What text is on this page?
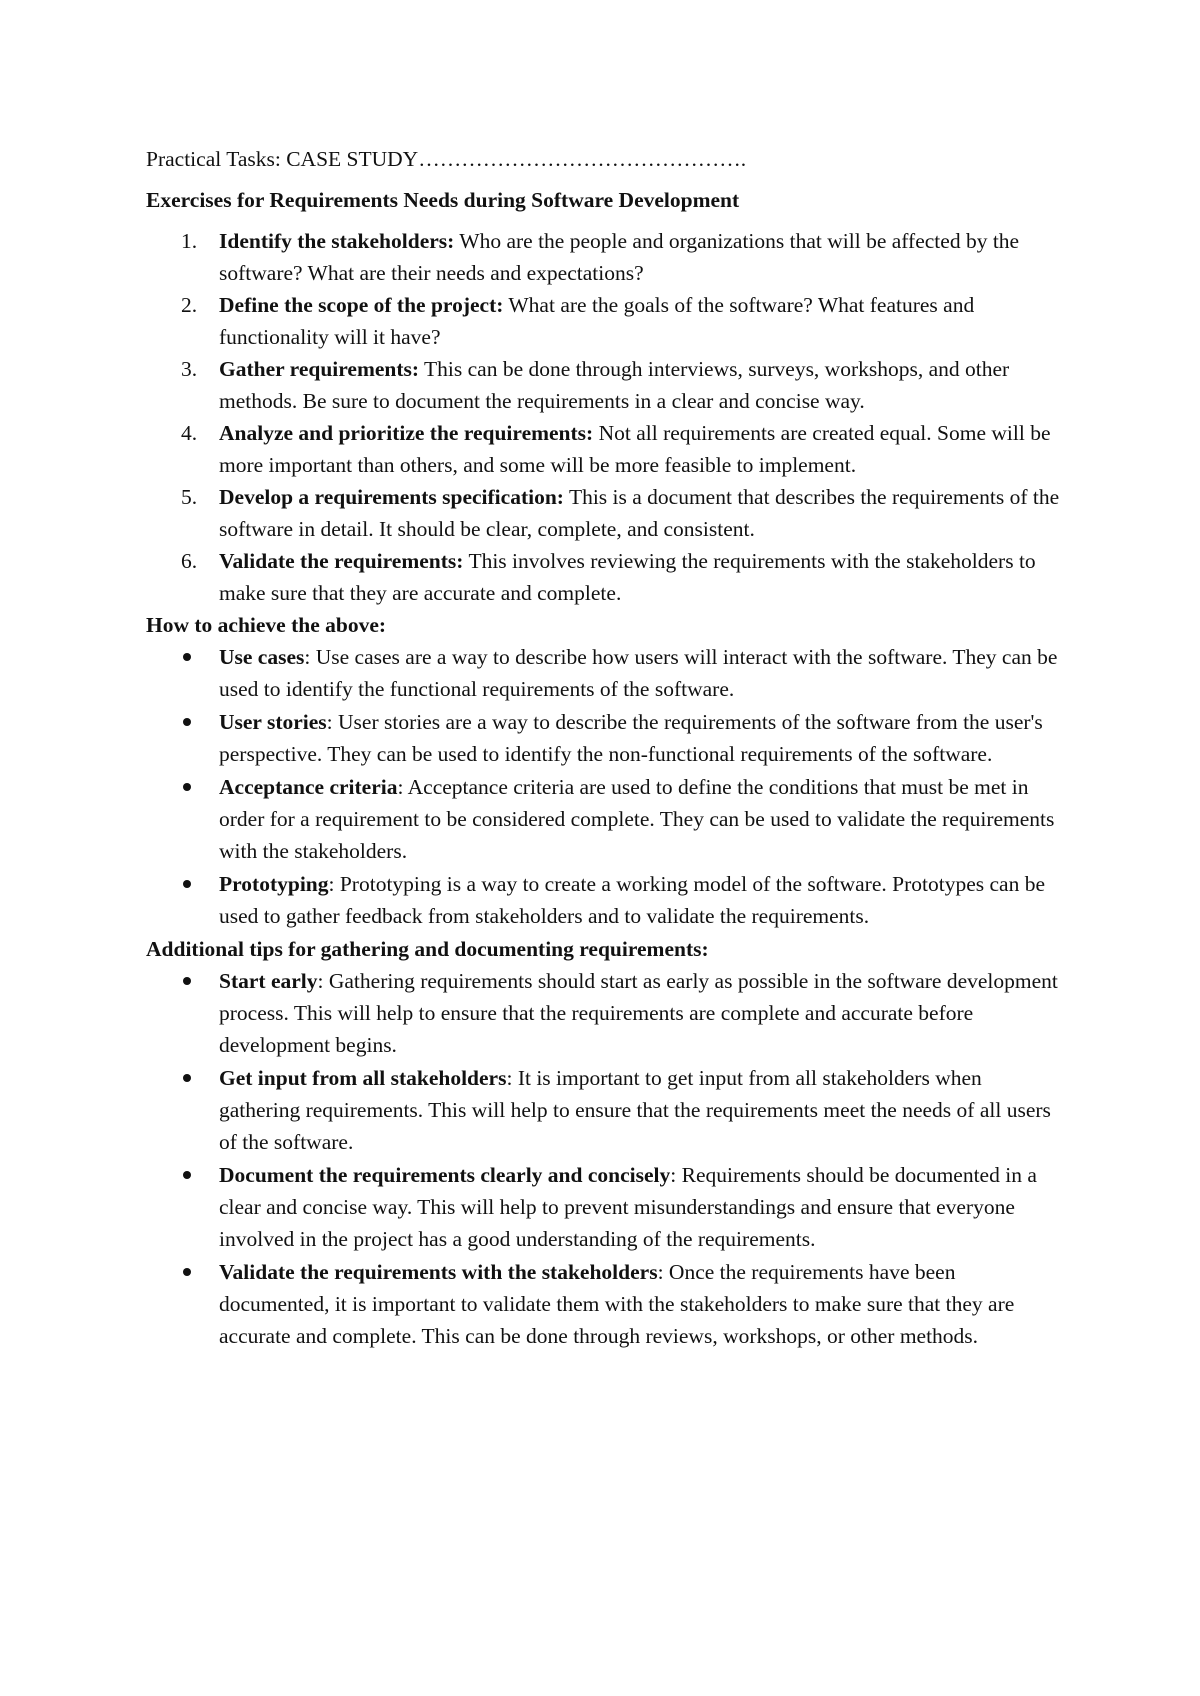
Practical Tasks: CASE STUDY……………………………………….

Exercises for Requirements Needs during Software Development

1. Identify the stakeholders: Who are the people and organizations that will be affected by the software? What are their needs and expectations?
2. Define the scope of the project: What are the goals of the software? What features and functionality will it have?
3. Gather requirements: This can be done through interviews, surveys, workshops, and other methods. Be sure to document the requirements in a clear and concise way.
4. Analyze and prioritize the requirements: Not all requirements are created equal. Some will be more important than others, and some will be more feasible to implement.
5. Develop a requirements specification: This is a document that describes the requirements of the software in detail. It should be clear, complete, and consistent.
6. Validate the requirements: This involves reviewing the requirements with the stakeholders to make sure that they are accurate and complete.

How to achieve the above:

Use cases: Use cases are a way to describe how users will interact with the software. They can be used to identify the functional requirements of the software.
User stories: User stories are a way to describe the requirements of the software from the user's perspective. They can be used to identify the non-functional requirements of the software.
Acceptance criteria: Acceptance criteria are used to define the conditions that must be met in order for a requirement to be considered complete. They can be used to validate the requirements with the stakeholders.
Prototyping: Prototyping is a way to create a working model of the software. Prototypes can be used to gather feedback from stakeholders and to validate the requirements.

Additional tips for gathering and documenting requirements:

Start early: Gathering requirements should start as early as possible in the software development process. This will help to ensure that the requirements are complete and accurate before development begins.
Get input from all stakeholders: It is important to get input from all stakeholders when gathering requirements. This will help to ensure that the requirements meet the needs of all users of the software.
Document the requirements clearly and concisely: Requirements should be documented in a clear and concise way. This will help to prevent misunderstandings and ensure that everyone involved in the project has a good understanding of the requirements.
Validate the requirements with the stakeholders: Once the requirements have been documented, it is important to validate them with the stakeholders to make sure that they are accurate and complete. This can be done through reviews, workshops, or other methods.
